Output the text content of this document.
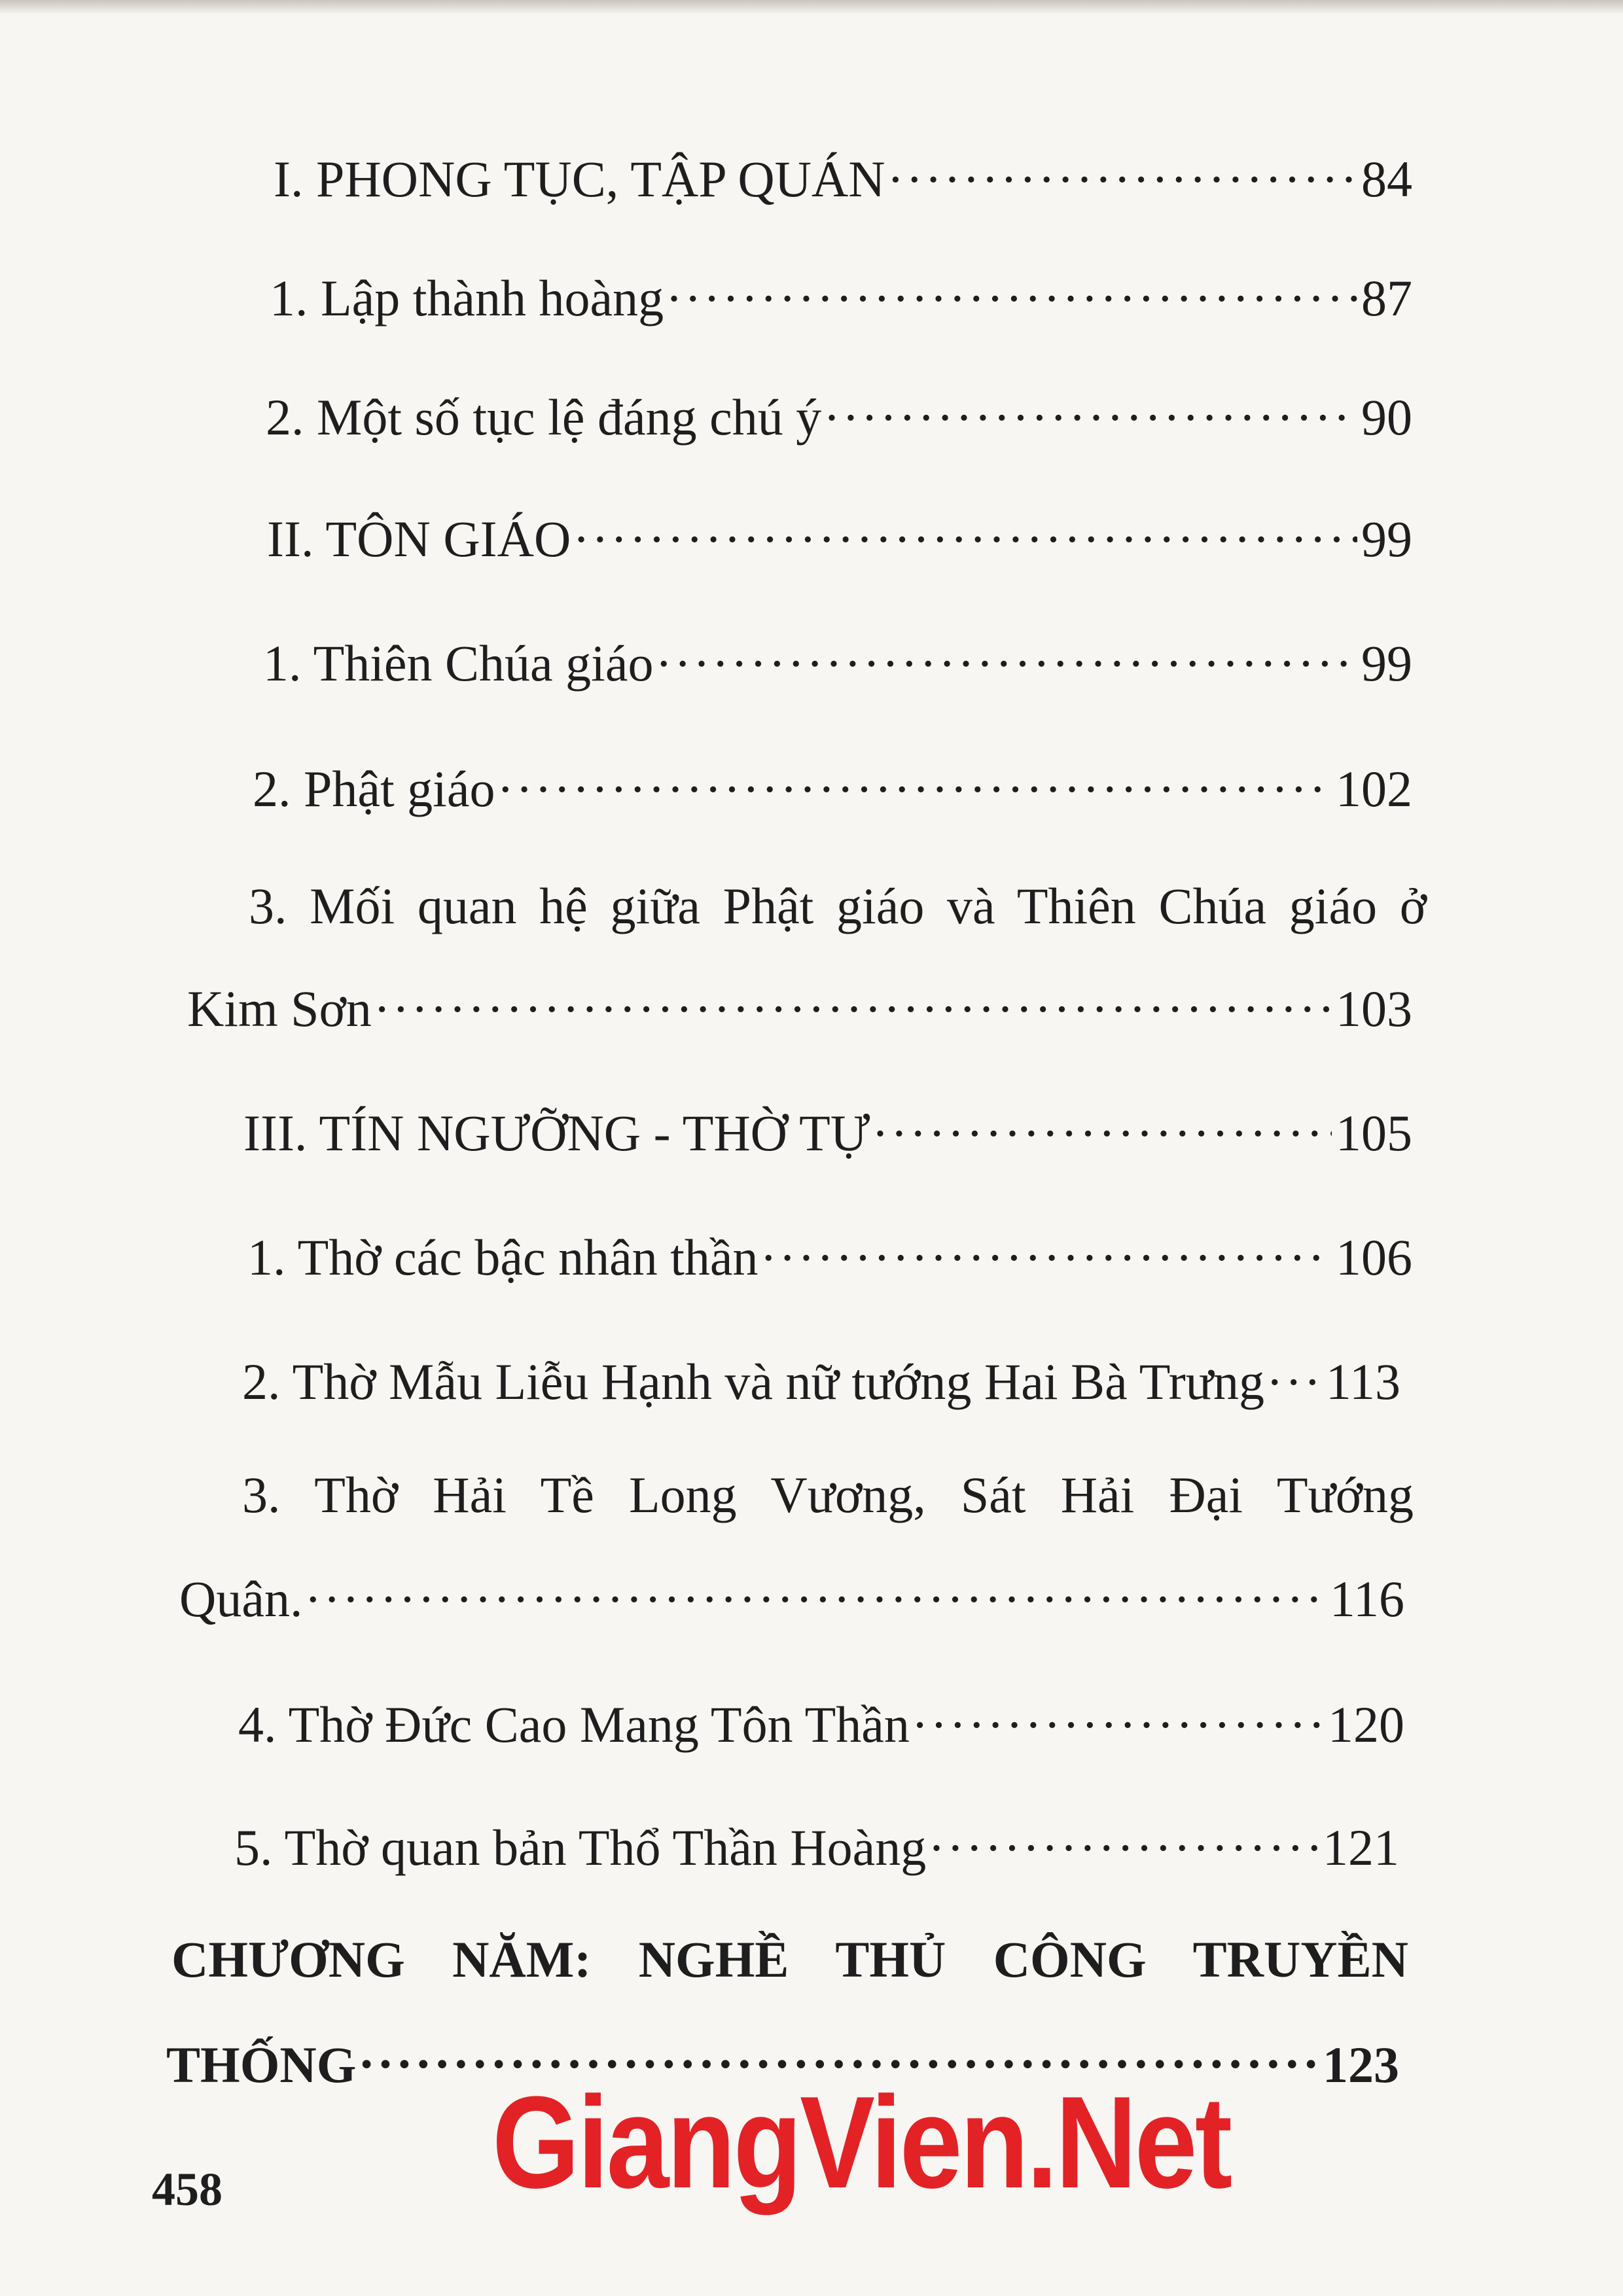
I. PHONG TỤC, TẬP QUÁN .....	84
1. Lập thành hoàng .....	87
2. Một số tục lệ đáng chú ý .....	90
II. TÔN GIÁO .....	99
1. Thiên Chúa giáo .....	99
2. Phật giáo .....	102
3. Mối quan hệ giữa Phật giáo và Thiên Chúa giáo ở
Kim Sơn .....	103
III. TÍN NGƯỠNG - THỜ TỰ .....	105
1. Thờ các bậc nhân thần .....	106
2. Thờ Mẫu Liễu Hạnh và nữ tướng Hai Bà Trưng ..... 113
3. Thờ Hải Tề Long Vương, Sát Hải Đại Tướng
Quân. .....	116
4. Thờ Đức Cao Mang Tôn Thần .....	120
5. Thờ quan bản Thổ Thần Hoàng .....	121
CHƯƠNG NĂM: NGHỀ THỦ CÔNG TRUYỀN
THỐNG .....	123
458 GiangVien.Net
